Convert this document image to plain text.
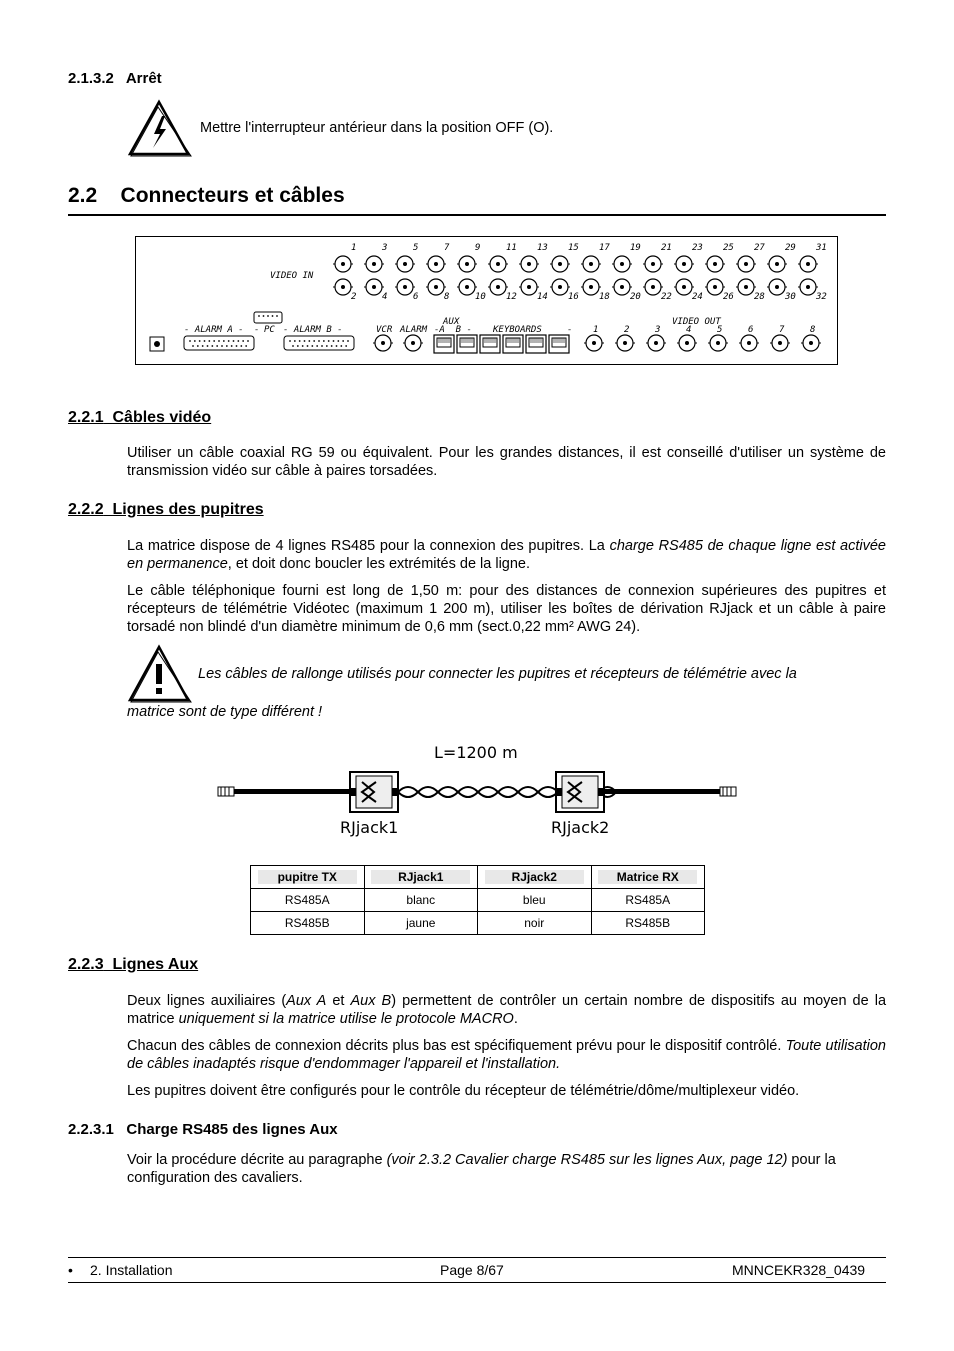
2.1.3.2 Arrêt
Mettre l'interrupteur antérieur dans la position OFF (O).
2.2 Connecteurs et câbles
VIDEO IN
1	3	5	7	9	11 13 15 17 19 21 23 25 27 29 31
2	4	6	8	10 12 14 16 18 20 22 24 26 28 30 32
- ALARM A - - PC - ALARM B -	VCR ALARM
AUX
-A  B - KEYBOARDS	-
VIDEO OUT
1	2	3	4	5	6	7	8
2.2.1 Câbles vidéo

Utiliser un câble coaxial RG 59 ou équivalent. Pour les grandes distances, il est conseillé d'utiliser un système de transmission vidéo sur câble à paires torsadées.

2.2.2 Lignes des pupitres

La matrice dispose de 4 lignes RS485 pour la connexion des pupitres. La charge RS485 de chaque ligne est activée en permanence, et doit donc boucler les extrémités de la ligne.

Le câble téléphonique fourni est long de 1,50 m: pour des distances de connexion supérieures des pupitres et récepteurs de télémétrie Vidéotec (maximum 1 200 m), utiliser les boîtes de dérivation RJjack et un câble à paire torsadé non blindé d'un diamètre minimum de 0,6 mm (sect.0,22 mm² AWG 24).

Les câbles de rallonge utilisés pour connecter les pupitres et récepteurs de télémétrie avec la

matrice sont de type différent !

L=1200 m
RJjack1	RJjack2
pupitre TX	RJjack1	RJjack2	Matrice RX
RS485A	blanc	bleu	RS485A
RS485B	jaune	noir	RS485B
2.2.3 Lignes Aux

Deux lignes auxiliaires (Aux A et Aux B) permettent de contrôler un certain nombre de dispositifs au moyen de la matrice uniquement si la matrice utilise le protocole MACRO.

Chacun des câbles de connexion décrits plus bas est spécifiquement prévu pour le dispositif contrôlé. Toute utilisation de câbles inadaptés risque d'endommager l'appareil et l'installation.

Les pupitres doivent être configurés pour le contrôle du récepteur de télémétrie/dôme/multiplexeur vidéo.

2.2.3.1 Charge RS485 des lignes Aux

Voir la procédure décrite au paragraphe (voir 2.3.2 Cavalier charge RS485 sur les lignes Aux, page 12) pour la configuration des cavaliers.

• 2. Installation	Page 8/67	MNNCEKR328_0439
